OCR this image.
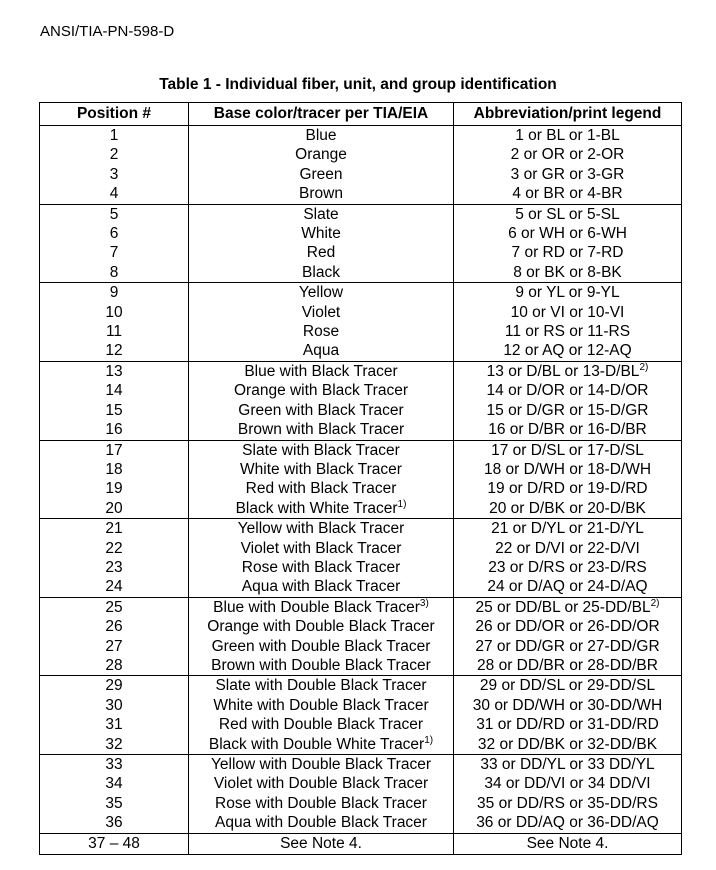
ANSI/TIA-PN-598-D
Table 1 - Individual fiber, unit, and group identification
Position #	Base color/tracer per TIA/EIA	Abbreviation/print legend
1	Blue	1 or BL or 1-BL
2	Orange	2 or OR or 2-OR
3	Green	3 or GR or 3-GR
4	Brown	4 or BR or 4-BR
5	Slate	5 or SL or 5-SL
6	White	6 or WH or 6-WH
7	Red	7 or RD or 7-RD
8	Black	8 or BK or 8-BK
9	Yellow	9 or YL or 9-YL
10	Violet	10 or VI or 10-VI
11	Rose	11 or RS or 11-RS
12	Aqua	12 or AQ or 12-AQ
13	Blue with Black Tracer	13 or D/BL or 13-D/BL$^{2)}$
14	Orange with Black Tracer	14 or D/OR or 14-D/OR
15	Green with Black Tracer	15 or D/GR or 15-D/GR
16	Brown with Black Tracer	16 or D/BR or 16-D/BR
17	Slate with Black Tracer	17 or D/SL or 17-D/SL
18	White with Black Tracer	18 or D/WH or 18-D/WH
19	Red with Black Tracer	19 or D/RD or 19-D/RD
20	Black with White Tracer$^{1)}$	20 or D/BK or 20-D/BK
21	Yellow with Black Tracer	21 or D/YL or 21-D/YL
22	Violet with Black Tracer	22 or D/VI or 22-D/VI
23	Rose with Black Tracer	23 or D/RS or 23-D/RS
24	Aqua with Black Tracer	24 or D/AQ or 24-D/AQ
25	Blue with Double Black Tracer$^{3)}$	25 or DD/BL or 25-DD/BL$^{2)}$
26	Orange with Double Black Tracer	26 or DD/OR or 26-DD/OR
27	Green with Double Black Tracer	27 or DD/GR or 27-DD/GR
28	Brown with Double Black Tracer	28 or DD/BR or 28-DD/BR
29	Slate with Double Black Tracer	29 or DD/SL or 29-DD/SL
30	White with Double Black Tracer	30 or DD/WH or 30-DD/WH
31	Red with Double Black Tracer	31 or DD/RD or 31-DD/RD
32	Black with Double White Tracer$^{1)}$	32 or DD/BK or 32-DD/BK
33	Yellow with Double Black Tracer	33 or DD/YL or 33 DD/YL
34	Violet with Double Black Tracer	34 or DD/VI or 34 DD/VI
35	Rose with Double Black Tracer	35 or DD/RS or 35-DD/RS
36	Aqua with Double Black Tracer	36 or DD/AQ or 36-DD/AQ
37 – 48	See Note 4.	See Note 4.
